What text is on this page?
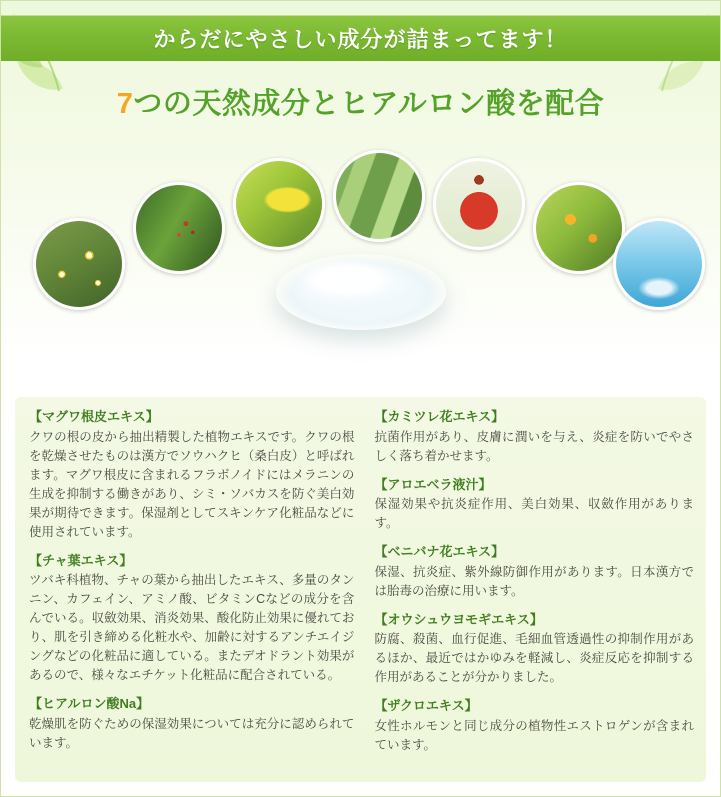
からだにやさしい成分が詰まってます！
7つの天然成分とヒアルロン酸を配合
【マグワ根皮エキス】

クワの根の皮から抽出精製した植物エキスです。クワの根を乾燥させたものは漢方でソウハクヒ（桑白皮）と呼ばれます。マグワ根皮に含まれるフラボノイドにはメラニンの生成を抑制する働きがあり、シミ・ソバカスを防ぐ美白効果が期待できます。保湿剤としてスキンケア化粧品などに使用されています。

【チャ葉エキス】

ツバキ科植物、チャの葉から抽出したエキス、多量のタンニン、カフェイン、アミノ酸、ビタミンCなどの成分を含んでいる。収斂効果、消炎効果、酸化防止効果に優れており、肌を引き締める化粧水や、加齢に対するアンチエイジングなどの化粧品に適している。またデオドラント効果があるので、様々なエチケット化粧品に配合されている。

【ヒアルロン酸Na】

乾燥肌を防ぐための保湿効果については充分に認められています。

【カミツレ花エキス】

抗菌作用があり、皮膚に潤いを与え、炎症を防いでやさしく落ち着かせます。

【アロエベラ液汁】

保湿効果や抗炎症作用、美白効果、収斂作用があります。

【ベニバナ花エキス】

保湿、抗炎症、紫外線防御作用があります。日本漢方では胎毒の治療に用います。

【オウシュウヨモギエキス】

防腐、殺菌、血行促進、毛細血管透過性の抑制作用があるほか、最近ではかゆみを軽減し、炎症反応を抑制する作用があることが分かりました。

【ザクロエキス】

女性ホルモンと同じ成分の植物性エストロゲンが含まれています。
